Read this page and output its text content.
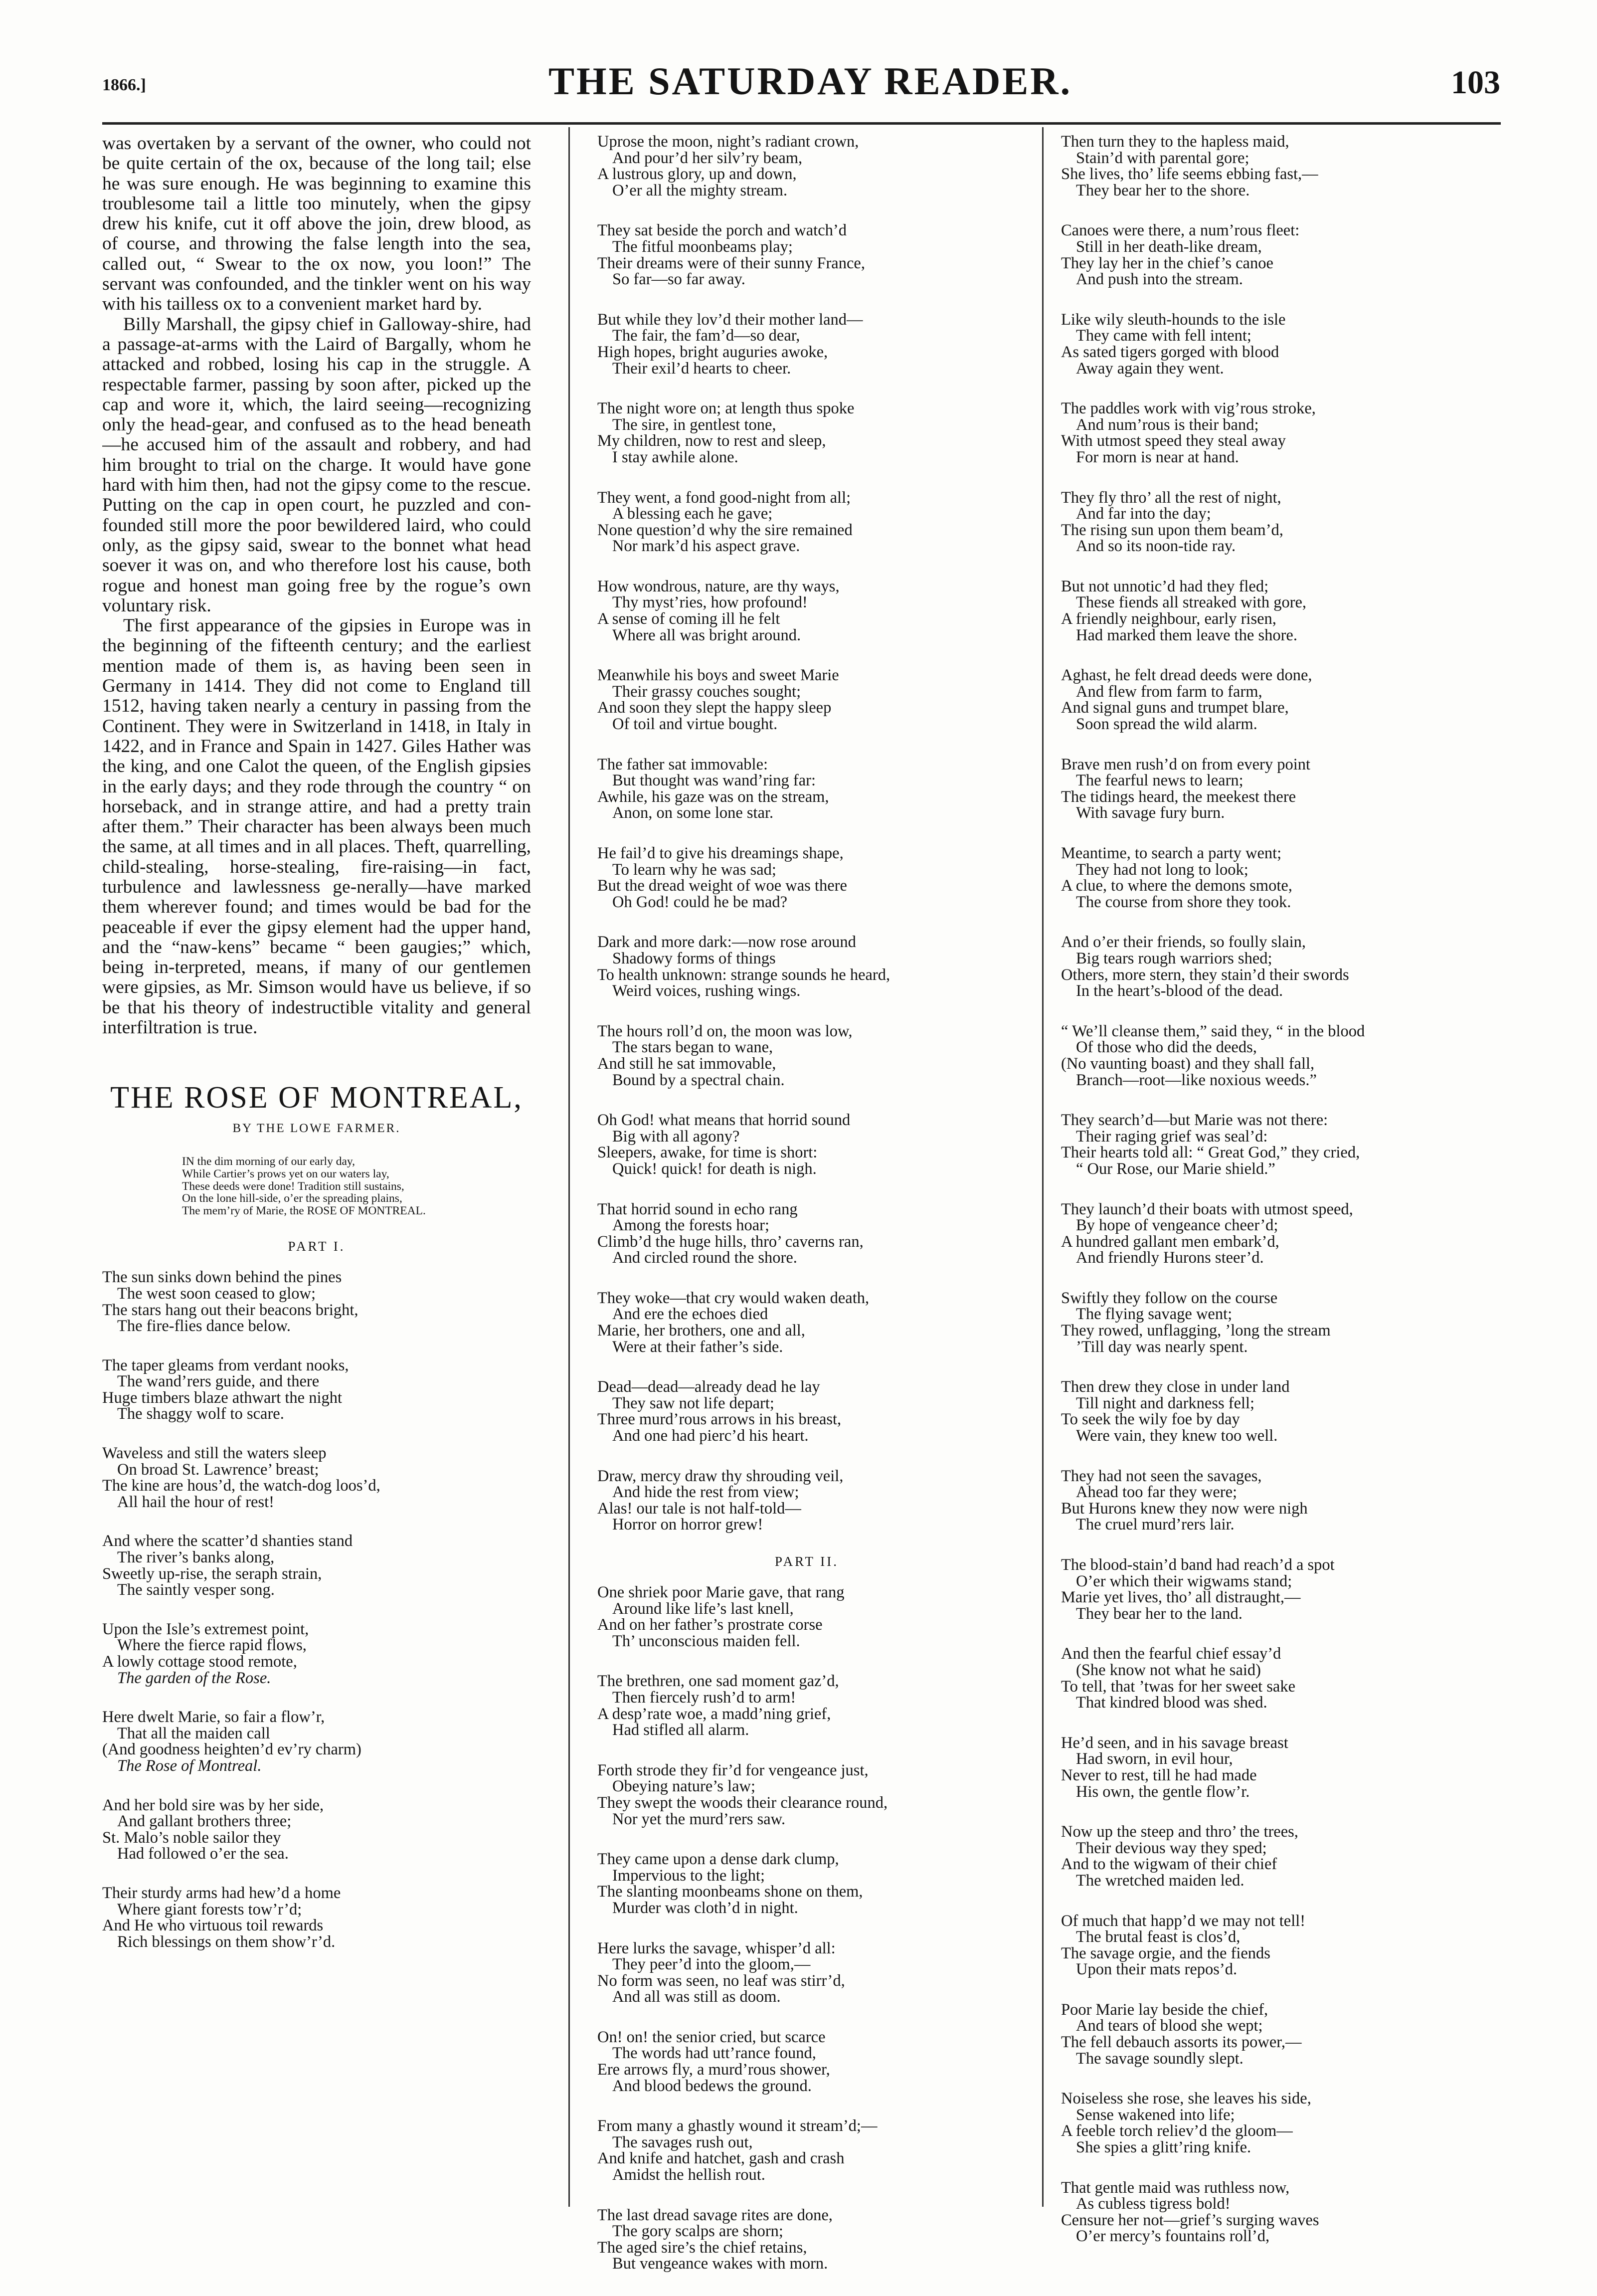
1866.]	THE SATURDAY READER.	103

was overtaken by a servant of the owner, who could not be quite certain of the ox, because of the long tail; else he was sure enough. He was beginning to examine this troublesome tail a little too minutely, when the gipsy drew his knife, cut it off above the join, drew blood, as of course, and throwing the false length into the sea, called out, “ Swear to the ox now, you loon!” The servant was confounded, and the tinkler went on his way with his tailless ox to a convenient market hard by.

Billy Marshall, the gipsy chief in Galloway-shire, had a passage-at-arms with the Laird of Bargally, whom he attacked and robbed, losing his cap in the struggle. A respectable farmer, passing by soon after, picked up the cap and wore it, which, the laird seeing—recognizing only the head-gear, and confused as to the head beneath—he accused him of the assault and robbery, and had him brought to trial on the charge. It would have gone hard with him then, had not the gipsy come to the rescue. Putting on the cap in open court, he puzzled and con-founded still more the poor bewildered laird, who could only, as the gipsy said, swear to the bonnet what head soever it was on, and who therefore lost his cause, both rogue and honest man going free by the rogue’s own voluntary risk.

The first appearance of the gipsies in Europe was in the beginning of the fifteenth century; and the earliest mention made of them is, as having been seen in Germany in 1414. They did not come to England till 1512, having taken nearly a century in passing from the Continent. They were in Switzerland in 1418, in Italy in 1422, and in France and Spain in 1427. Giles Hather was the king, and one Calot the queen, of the English gipsies in the early days; and they rode through the country “ on horseback, and in strange attire, and had a pretty train after them.” Their character has been always been much the same, at all times and in all places. Theft, quarrelling, child-stealing, horse-stealing, fire-raising—in fact, turbulence and lawlessness ge-nerally—have marked them wherever found; and times would be bad for the peaceable if ever the gipsy element had the upper hand, and the “naw-kens” became “ been gaugies;” which, being in-terpreted, means, if many of our gentlemen were gipsies, as Mr. Simson would have us believe, if so be that his theory of indestructible vitality and general interfiltration is true.

THE ROSE OF MONTREAL,
BY THE LOWE FARMER.
IN the dim morning of our early day,
While Cartier’s prows yet on our waters lay,
These deeds were done! Tradition still sustains,
On the lone hill-side, o’er the spreading plains,
The mem’ry of Marie, the ROSE OF MONTREAL.
PART I.
The sun sinks down behind the pines
The west soon ceased to glow;
The stars hang out their beacons bright,
The fire-flies dance below.
The taper gleams from verdant nooks,
The wand’rers guide, and there
Huge timbers blaze athwart the night
The shaggy wolf to scare.
Waveless and still the waters sleep
On broad St. Lawrence’ breast;
The kine are hous’d, the watch-dog loos’d,
All hail the hour of rest!
And where the scatter’d shanties stand
The river’s banks along,
Sweetly up-rise, the seraph strain,
The saintly vesper song.
Upon the Isle’s extremest point,
Where the fierce rapid flows,
A lowly cottage stood remote,
The garden of the Rose.
Here dwelt Marie, so fair a flow’r,
That all the maiden call
(And goodness heighten’d ev’ry charm)
The Rose of Montreal.
And her bold sire was by her side,
And gallant brothers three;
St. Malo’s noble sailor they
Had followed o’er the sea.
Their sturdy arms had hew’d a home
Where giant forests tow’r’d;
And He who virtuous toil rewards
Rich blessings on them show’r’d.
Uprose the moon, night’s radiant crown,
And pour’d her silv’ry beam,
A lustrous glory, up and down,
O’er all the mighty stream.
They sat beside the porch and watch’d
The fitful moonbeams play;
Their dreams were of their sunny France,
So far—so far away.
But while they lov’d their mother land—
The fair, the fam’d—so dear,
High hopes, bright auguries awoke,
Their exil’d hearts to cheer.
The night wore on; at length thus spoke
The sire, in gentlest tone,
My children, now to rest and sleep,
I stay awhile alone.
They went, a fond good-night from all;
A blessing each he gave;
None question’d why the sire remained
Nor mark’d his aspect grave.
How wondrous, nature, are thy ways,
Thy myst’ries, how profound!
A sense of coming ill he felt
Where all was bright around.
Meanwhile his boys and sweet Marie
Their grassy couches sought;
And soon they slept the happy sleep
Of toil and virtue bought.
The father sat immovable:
But thought was wand’ring far:
Awhile, his gaze was on the stream,
Anon, on some lone star.
He fail’d to give his dreamings shape,
To learn why he was sad;
But the dread weight of woe was there
Oh God! could he be mad?
Dark and more dark:—now rose around
Shadowy forms of things
To health unknown: strange sounds he heard,
Weird voices, rushing wings.
The hours roll’d on, the moon was low,
The stars began to wane,
And still he sat immovable,
Bound by a spectral chain.
Oh God! what means that horrid sound
Big with all agony?
Sleepers, awake, for time is short:
Quick! quick! for death is nigh.
That horrid sound in echo rang
Among the forests hoar;
Climb’d the huge hills, thro’ caverns ran,
And circled round the shore.
They woke—that cry would waken death,
And ere the echoes died
Marie, her brothers, one and all,
Were at their father’s side.
Dead—dead—already dead he lay
They saw not life depart;
Three murd’rous arrows in his breast,
And one had pierc’d his heart.
Draw, mercy draw thy shrouding veil,
And hide the rest from view;
Alas! our tale is not half-told—
Horror on horror grew!
PART II.
One shriek poor Marie gave, that rang
Around like life’s last knell,
And on her father’s prostrate corse
Th’ unconscious maiden fell.
The brethren, one sad moment gaz’d,
Then fiercely rush’d to arm!
A desp’rate woe, a madd’ning grief,
Had stifled all alarm.
Forth strode they fir’d for vengeance just,
Obeying nature’s law;
They swept the woods their clearance round,
Nor yet the murd’rers saw.
They came upon a dense dark clump,
Impervious to the light;
The slanting moonbeams shone on them,
Murder was cloth’d in night.
Here lurks the savage, whisper’d all:
They peer’d into the gloom,—
No form was seen, no leaf was stirr’d,
And all was still as doom.
On! on! the senior cried, but scarce
The words had utt’rance found,
Ere arrows fly, a murd’rous shower,
And blood bedews the ground.
From many a ghastly wound it stream’d;—
The savages rush out,
And knife and hatchet, gash and crash
Amidst the hellish rout.
The last dread savage rites are done,
The gory scalps are shorn;
The aged sire’s the chief retains,
But vengeance wakes with morn.
Then turn they to the hapless maid,
Stain’d with parental gore;
She lives, tho’ life seems ebbing fast,—
They bear her to the shore.
Canoes were there, a num’rous fleet:
Still in her death-like dream,
They lay her in the chief’s canoe
And push into the stream.
Like wily sleuth-hounds to the isle
They came with fell intent;
As sated tigers gorged with blood
Away again they went.
The paddles work with vig’rous stroke,
And num’rous is their band;
With utmost speed they steal away
For morn is near at hand.
They fly thro’ all the rest of night,
And far into the day;
The rising sun upon them beam’d,
And so its noon-tide ray.
But not unnotic’d had they fled;
These fiends all streaked with gore,
A friendly neighbour, early risen,
Had marked them leave the shore.
Aghast, he felt dread deeds were done,
And flew from farm to farm,
And signal guns and trumpet blare,
Soon spread the wild alarm.
Brave men rush’d on from every point
The fearful news to learn;
The tidings heard, the meekest there
With savage fury burn.
Meantime, to search a party went;
They had not long to look;
A clue, to where the demons smote,
The course from shore they took.
And o’er their friends, so foully slain,
Big tears rough warriors shed;
Others, more stern, they stain’d their swords
In the heart’s-blood of the dead.
“ We’ll cleanse them,” said they, “ in the blood
Of those who did the deeds,
(No vaunting boast) and they shall fall,
Branch—root—like noxious weeds.”
They search’d—but Marie was not there:
Their raging grief was seal’d:
Their hearts told all: “ Great God,” they cried,
“ Our Rose, our Marie shield.”
They launch’d their boats with utmost speed,
By hope of vengeance cheer’d;
A hundred gallant men embark’d,
And friendly Hurons steer’d.
Swiftly they follow on the course
The flying savage went;
They rowed, unflagging, ’long the stream
’Till day was nearly spent.
Then drew they close in under land
Till night and darkness fell;
To seek the wily foe by day
Were vain, they knew too well.
They had not seen the savages,
Ahead too far they were;
But Hurons knew they now were nigh
The cruel murd’rers lair.
The blood-stain’d band had reach’d a spot
O’er which their wigwams stand;
Marie yet lives, tho’ all distraught,—
They bear her to the land.
And then the fearful chief essay’d
(She know not what he said)
To tell, that ’twas for her sweet sake
That kindred blood was shed.
He’d seen, and in his savage breast
Had sworn, in evil hour,
Never to rest, till he had made
His own, the gentle flow’r.
Now up the steep and thro’ the trees,
Their devious way they sped;
And to the wigwam of their chief
The wretched maiden led.
Of much that happ’d we may not tell!
The brutal feast is clos’d,
The savage orgie, and the fiends
Upon their mats repos’d.
Poor Marie lay beside the chief,
And tears of blood she wept;
The fell debauch assorts its power,—
The savage soundly slept.
Noiseless she rose, she leaves his side,
Sense wakened into life;
A feeble torch reliev’d the gloom—
She spies a glitt’ring knife.
That gentle maid was ruthless now,
As cubless tigress bold!
Censure her not—grief’s surging waves
O’er mercy’s fountains roll’d,
